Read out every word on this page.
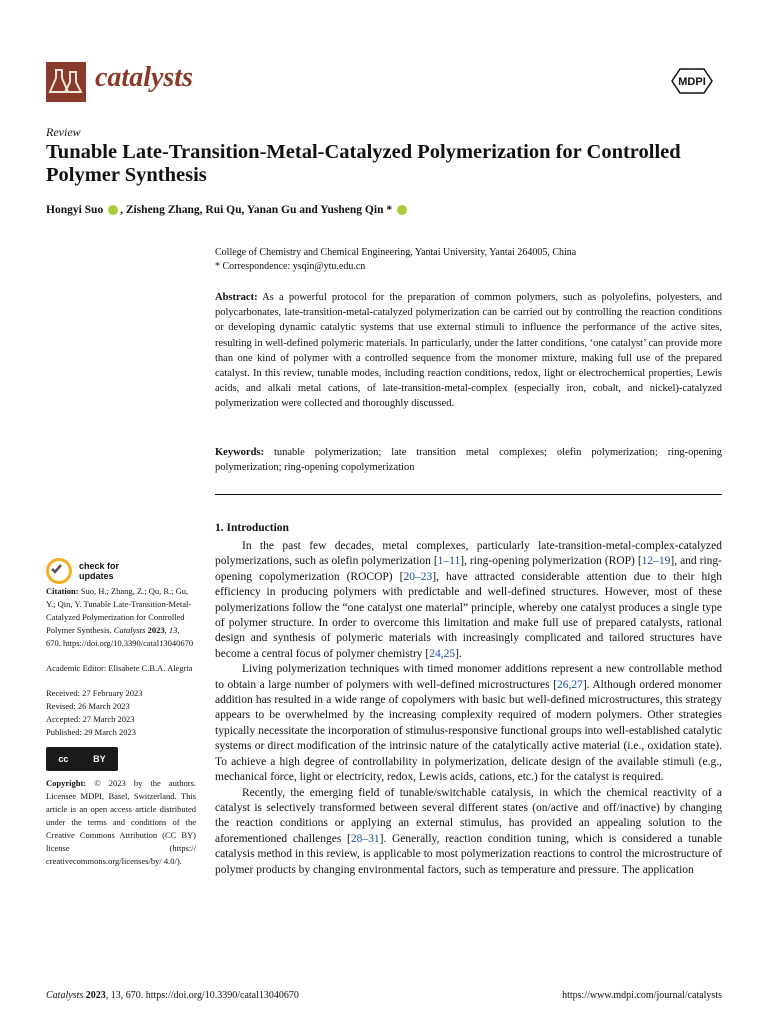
catalysts	MDPI
Review
Tunable Late-Transition-Metal-Catalyzed Polymerization for Controlled Polymer Synthesis
Hongyi Suo , Zisheng Zhang, Rui Qu, Yanan Gu and Yusheng Qin *
College of Chemistry and Chemical Engineering, Yantai University, Yantai 264005, China
* Correspondence: ysqin@ytu.edu.cn
Abstract: As a powerful protocol for the preparation of common polymers, such as polyolefins, polyesters, and polycarbonates, late-transition-metal-catalyzed polymerization can be carried out by controlling the reaction conditions or developing dynamic catalytic systems that use external stimuli to influence the performance of the active sites, resulting in well-defined polymeric materials. In particularly, under the latter conditions, ‘one catalyst’ can provide more than one kind of polymer with a controlled sequence from the monomer mixture, making full use of the prepared catalyst. In this review, tunable modes, including reaction conditions, redox, light or electrochemical properties, Lewis acids, and alkali metal cations, of late-transition-metal-complex (especially iron, cobalt, and nickel)-catalyzed polymerization were collected and thoroughly discussed.
Keywords: tunable polymerization; late transition metal complexes; olefin polymerization; ring-opening polymerization; ring-opening copolymerization
check for
updates
Citation: Suo, H.; Zhang, Z.; Qu, R.; Gu, Y.; Qin, Y. Tunable Late-Transition-Metal-Catalyzed Polymerization for Controlled Polymer Synthesis. Catalysts 2023, 13, 670. https://doi.org/10.3390/catal13040670
Academic Editor: Elisabete C.B.A. Alegria
Received: 27 February 2023
Revised: 26 March 2023
Accepted: 27 March 2023
Published: 29 March 2023
cc	BY
Copyright: © 2023 by the authors. Licensee MDPI, Basel, Switzerland. This article is an open access article distributed under the terms and conditions of the Creative Commons Attribution (CC BY) license (https:// creativecommons.org/licenses/by/ 4.0/).
1. Introduction

In the past few decades, metal complexes, particularly late-transition-metal-complex-catalyzed polymerizations, such as olefin polymerization [1–11], ring-opening polymerization (ROP) [12–19], and ring-opening copolymerization (ROCOP) [20–23], have attracted considerable attention due to their high efficiency in producing polymers with predictable and well-defined structures. However, most of these polymerizations follow the “one catalyst one material” principle, whereby one catalyst produces a single type of polymer structure. In order to overcome this limitation and make full use of prepared catalysts, rational design and synthesis of polymeric materials with increasingly complicated and tailored structures have become a central focus of polymer chemistry [24,25].

Living polymerization techniques with timed monomer additions represent a new controllable method to obtain a large number of polymers with well-defined microstructures [26,27]. Although ordered monomer addition has resulted in a wide range of copolymers with basic but well-defined microstructures, this strategy appears to be overwhelmed by the increasing complexity required of modern polymers. Other strategies typically necessitate the incorporation of stimulus-responsive functional groups into well-established catalytic systems or direct modification of the intrinsic nature of the catalytically active material (i.e., oxidation state). To achieve a high degree of controllability in polymerization, delicate design of the available stimuli (e.g., mechanical force, light or electricity, redox, Lewis acids, cations, etc.) for the catalyst is required.

Recently, the emerging field of tunable/switchable catalysis, in which the chemical reactivity of a catalyst is selectively transformed between several different states (on/active and off/inactive) by changing the reaction conditions or applying an external stimulus, has provided an appealing solution to the aforementioned challenges [28–31]. Generally, reaction condition tuning, which is considered a tunable catalysis method in this review, is applicable to most polymerization reactions to control the microstructure of polymer products by changing environmental factors, such as temperature and pressure. The application

Catalysts 2023, 13, 670. https://doi.org/10.3390/catal13040670	https://www.mdpi.com/journal/catalysts
